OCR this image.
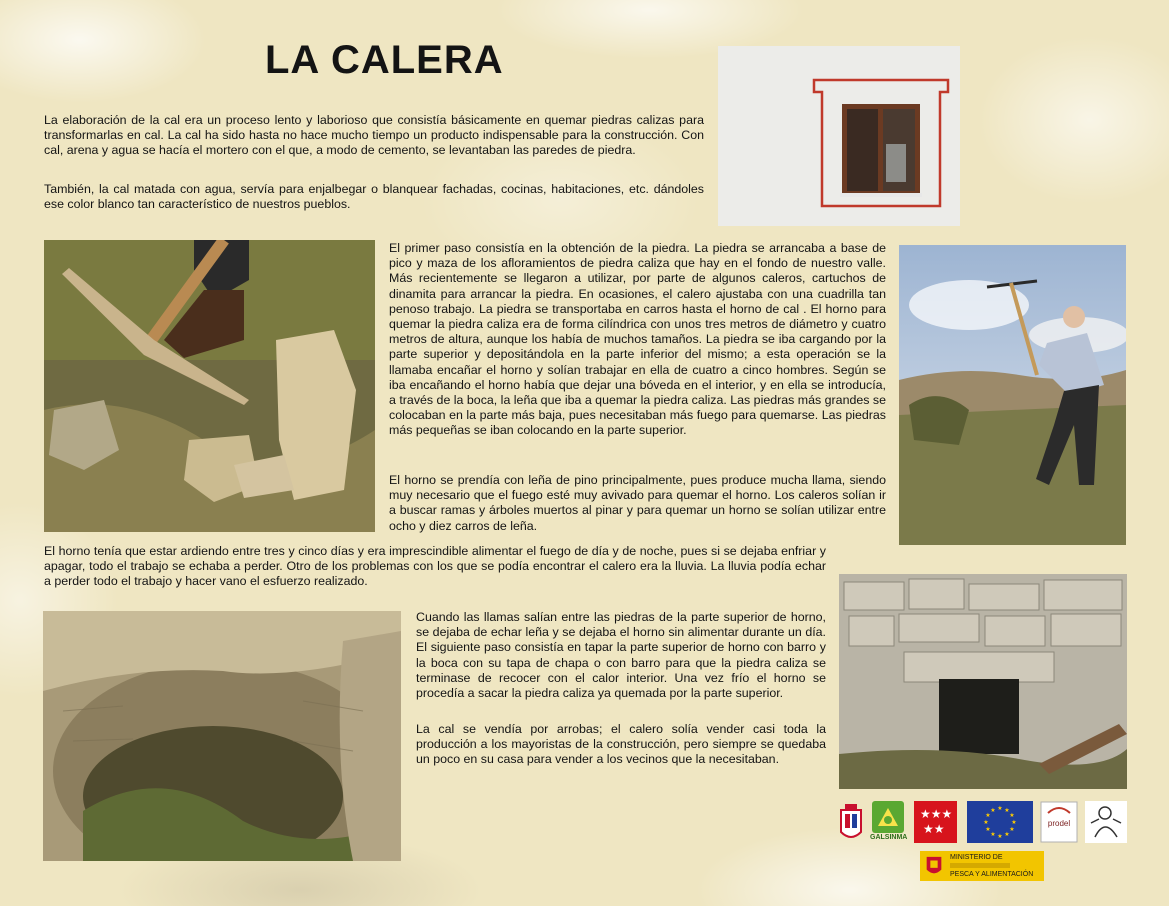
LA CALERA

La elaboración de la cal era un proceso lento y laborioso que consistía básicamente en quemar piedras calizas para transformarlas en cal. La cal ha sido hasta no hace mucho tiempo un producto indispensable para la construcción. Con cal, arena y agua se hacía el mortero con el que, a modo de cemento, se levantaban las paredes de piedra.

También, la cal matada con agua, servía para enjalbegar o blanquear fachadas, cocinas, habitaciones, etc. dándoles ese color blanco tan característico de nuestros pueblos.

El primer paso consistía en la obtención de la piedra. La piedra se arrancaba a base de pico y maza de los afloramientos de piedra caliza que hay en el fondo de nuestro valle. Más recientemente se llegaron a utilizar, por parte de algunos caleros, cartuchos de dinamita para arrancar la piedra. En ocasiones, el calero ajustaba con una cuadrilla tan penoso trabajo. La piedra se transportaba en carros hasta el horno de cal . El horno para quemar la piedra caliza era de forma cilíndrica con unos tres metros de diámetro y cuatro metros de altura, aunque los había de muchos tamaños. La piedra se iba cargando por la parte superior y depositándola en la parte inferior del mismo; a esta operación se la llamaba encañar el horno y solían trabajar en ella de cuatro a cinco hombres. Según se iba encañando el horno había que dejar una bóveda en el interior, y en ella se introducía, a través de la boca, la leña que iba a quemar la piedra caliza. Las piedras más grandes se colocaban en la parte más baja, pues necesitaban más fuego para quemarse. Las piedras más pequeñas se iban colocando en la parte superior.

El horno se prendía con leña de pino principalmente, pues produce mucha llama, siendo muy necesario que el fuego esté muy avivado para quemar el horno. Los caleros solían ir a buscar ramas y árboles muertos al pinar y para quemar un horno se solían utilizar entre ocho y diez carros de leña.

El horno tenía que estar ardiendo entre tres y cinco días y era imprescindible alimentar el fuego de día y de noche, pues si se dejaba enfriar y apagar, todo el trabajo se echaba a perder. Otro de los problemas con los que se podía encontrar el calero era la lluvia. La lluvia podía echar a perder todo el trabajo y hacer vano el esfuerzo realizado.

Cuando las llamas salían entre las piedras de la parte superior de horno, se dejaba de echar leña y se dejaba el horno sin alimentar durante un día. El siguiente paso consistía en tapar la parte superior de horno con barro y la boca con su tapa de chapa o con barro para que la piedra caliza se terminase de recocer con el calor interior. Una vez frío el horno se procedía a sacar la piedra caliza ya quemada por la parte superior.

La cal se vendía por arrobas; el calero solía vender casi toda la producción a los mayoristas de la construcción, pero siempre se quedaba un poco en su casa para vender a los vecinos que la necesitaban.

GALSINMA
★★★
★★
★ ★
★
★
★
★
★
★
★
★
★
★
prodel
MINISTERIO DE
PESCA Y ALIMENTACIÓN
